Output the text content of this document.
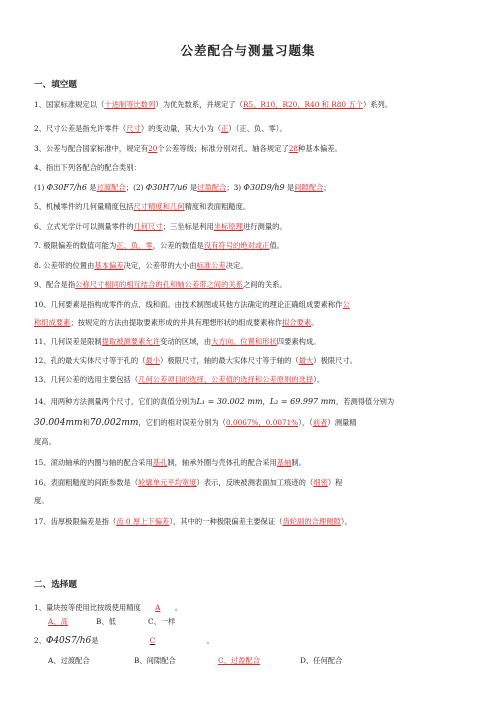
公差配合与测量习题集
一、填空题
1、国家标准规定以（十进制等比数列）为优先数系，并规定了（R5、R10、R20、R40 和 R80 五个）系列。
2、尺寸公差是指允许零件（尺寸）的变动量，其大小为（正）（正、负、零）。
3、公差与配合国家标准中，规定有20个公差等级；标准分别对孔、轴各规定了28种基本偏差。
4、指出下列各配合的配合类别：
(1) Φ30F7/h6 是过渡配合；(2) Φ30H7/u6 是过盈配合；3) Φ30D9/h9 是间隙配合；
5、机械零件的几何量精度包括尺寸精度和几何精度和表面粗糙度。
6、立式光学计可以测量零件的几何尺寸；三坐标是利用坐标原理进行测量的。
7. 极限偏差的数值可能为正、负、零，公差的数值是没有符号的绝对或正值。
8. 公差带的位置由基本偏差决定，公差带的大小由标准公差决定。
9、配合是指公称尺寸相同的相互结合的孔和轴公差带之间的关系之间的关系。
10、几何要素是指构成零件的点、线和面。由技术制图或其他方法确定的理论正确组成要素称作公
称组成要素；按规定的方法由提取要素形成的并具有理想形状的组成要素称作拟合要素。
11、几何误差是限制提取被测要素允许变动的区域，由大方向、位置和形状四要素构成。
12、孔的最大实体尺寸等于孔的（最小）极限尺寸，轴的最大实体尺寸等于轴的（最大）极限尺寸。
13、几何公差的选用主要包括（几何公差项目的选择、公差值的选择和公差原则的选择）。
14、用两种方法测量两个尺寸，它们的真值分别为L₁ = 30.002 mm，L₂ = 69.997 mm，若测得值分别为
30.004mm和70.002mm，它们的相对误差分别为（0.0067%，0.0071%），（前者）测量精
度高。
15、滚动轴承的内圈与轴的配合采用基孔制，轴承外圈与壳体孔的配合采用基轴制。
16、表面粗糙度的间距参数是（轮廓单元平均宽度）表示，反映被测表面加工痕迹的（细密）程
度。
17、齿厚极限偏差是指（齿 0 厚上下偏差），其中的一种极限偏差主要保证（齿轮副的合理侧隙）。
二、选择题
1、量块按等使用比按级使用精度 A 。
A、高	B、低	C、一样
2、Φ40S7/h6是	C	。
A、过渡配合	B、间隙配合	C、过盈配合	D、任何配合
